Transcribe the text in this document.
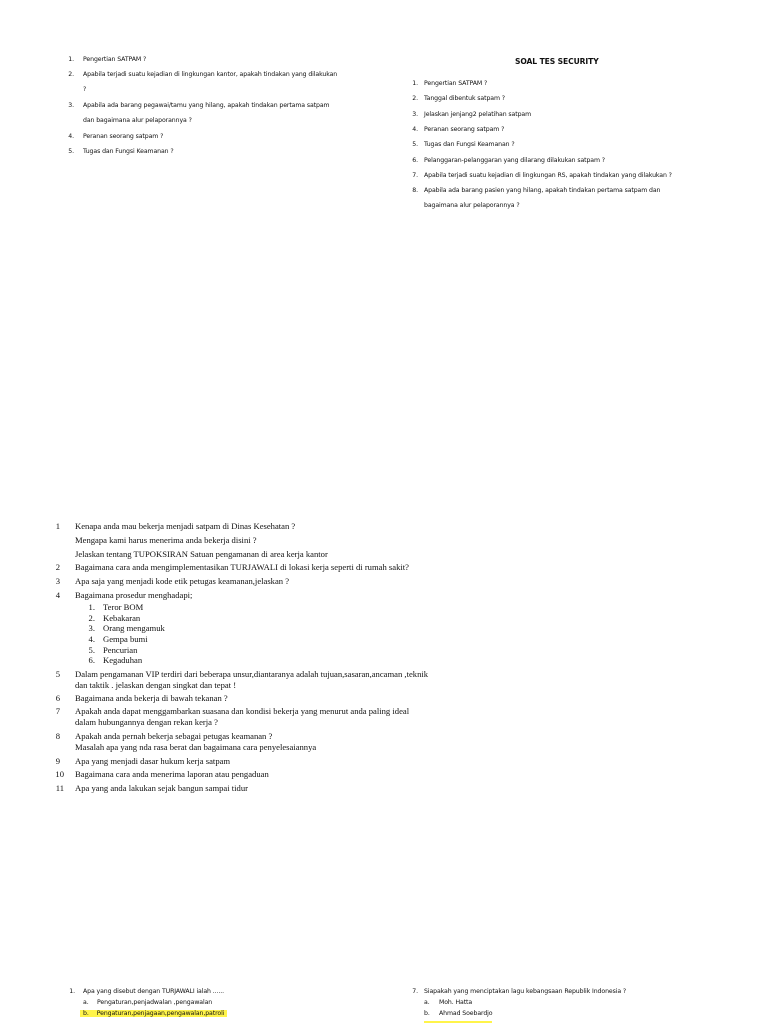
1. Pengertian SATPAM ?
2. Apabila terjadi suatu kejadian di lingkungan kantor, apakah tindakan yang dilakukan
?
3. Apabila ada barang pegawai/tamu yang hilang, apakah tindakan pertama satpam
dan bagaimana alur pelaporannya ?
4. Peranan seorang satpam ?
5. Tugas dan Fungsi Keamanan ?
SOAL TES SECURITY
1. Pengertian SATPAM ?
2. Tanggal dibentuk satpam ?
3. Jelaskan jenjang2 pelatihan satpam
4. Peranan seorang satpam ?
5. Tugas dan Fungsi Keamanan ?
6. Pelanggaran-pelanggaran yang dilarang dilakukan satpam ?
7. Apabila terjadi suatu kejadian di lingkungan RS, apakah tindakan yang dilakukan ?
8. Apabila ada barang pasien yang hilang, apakah tindakan pertama satpam dan
bagaimana alur pelaporannya ?
1 Kenapa anda mau bekerja menjadi satpam di Dinas Kesehatan ?
Mengapa kami harus menerima anda bekerja disini ?
Jelaskan tentang TUPOKSIRAN Satuan pengamanan di area kerja kantor
2 Bagaimana cara anda mengimplementasikan TURJAWALI di lokasi kerja seperti di rumah sakit?
3 Apa saja yang menjadi kode etik petugas keamanan,jelaskan ?
4 Bagaimana prosedur menghadapi;
1. Teror BOM
2. Kebakaran
3. Orang mengamuk
4. Gempa bumi
5. Pencurian
6. Kegaduhan
5 Dalam pengamanan VIP terdiri dari beberapa unsur,diantaranya adalah tujuan,sasaran,ancaman ,teknik
dan taktik . jelaskan dengan singkat dan tepat !
6 Bagaimana anda bekerja di bawah tekanan ?
7 Apakah anda dapat menggambarkan suasana dan kondisi bekerja yang menurut anda paling ideal
dalam hubungannya dengan rekan kerja ?
8 Apakah anda pernah bekerja sebagai petugas keamanan ?
Masalah apa yang nda rasa berat dan bagaimana cara penyelesaiannya
9 Apa yang menjadi dasar hukum kerja satpam
10 Bagaimana cara anda menerima laporan atau pengaduan
11 Apa yang anda lakukan sejak bangun sampai tidur
1. Apa yang disebut dengan TURJAWALI ialah ......
a. Pengaturan,penjadwalan ,pengawalan
b. Pengaturan,penjagaan,pengawalan,patroli
7. Siapakah yang menciptakan lagu kebangsaan Republik Indonesia ?
a. Moh. Hatta
b. Ahmad Soebardjo
